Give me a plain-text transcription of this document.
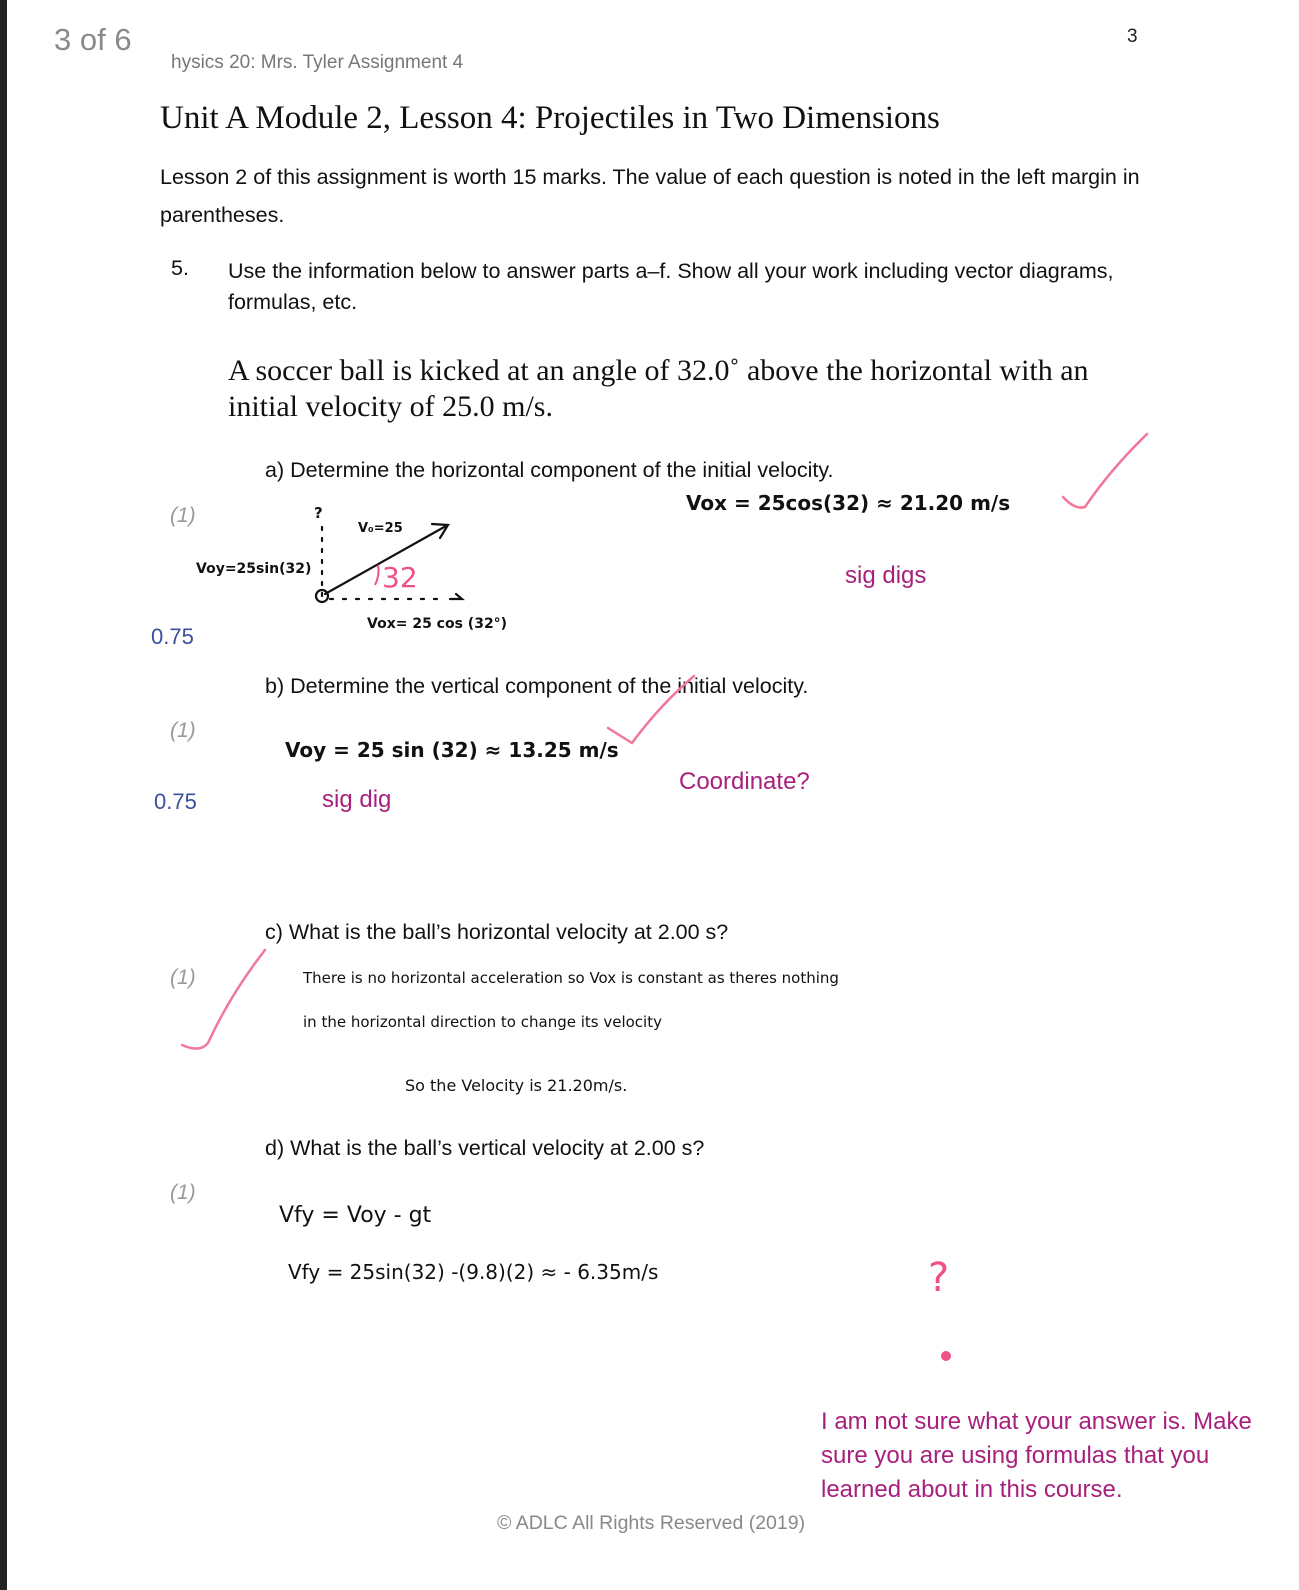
3 of 6	3
hysics 20: Mrs. Tyler Assignment 4
Unit A Module 2, Lesson 4: Projectiles in Two Dimensions
Lesson 2 of this assignment is worth 15 marks. The value of each question is noted in the left margin in parentheses.
5. Use the information below to answer parts a–f. Show all your work including vector diagrams, formulas, etc.
A soccer ball is kicked at an angle of 32.0˚ above the horizontal with an initial velocity of 25.0 m/s.
a) Determine the horizontal component of the initial velocity.
(1)
0.75
Vox = 25cos(32) ≈ 21.20 m/s
sig digs
Voy=25sin(32)
V₀=25
?
32
Vox= 25 cos (32°)
b) Determine the vertical component of the initial velocity.
(1)
0.75
Voy = 25 sin (32) ≈ 13.25 m/s
sig dig
Coordinate?
c) What is the ball’s horizontal velocity at 2.00 s?
(1)	There is no horizontal acceleration so Vox is constant as theres nothing
in the horizontal direction to change its velocity
So the Velocity is 21.20m/s.
d) What is the ball’s vertical velocity at 2.00 s?
(1)
Vfy = Voy - gt
Vfy = 25sin(32) -(9.8)(2) ≈ - 6.35m/s	?
I am not sure what your answer is. Make sure you are using formulas that you learned about in this course.
© ADLC All Rights Reserved (2019)
